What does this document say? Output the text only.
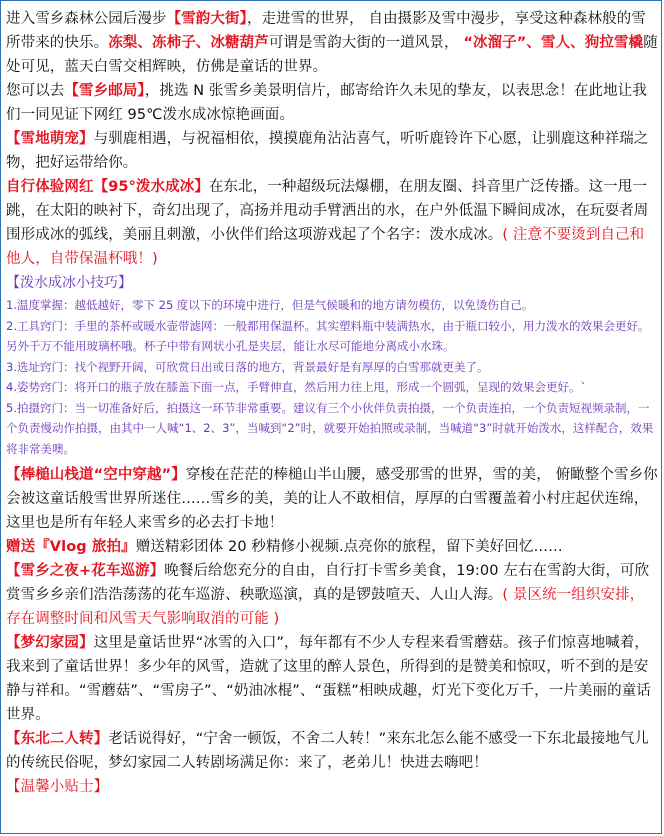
进入雪乡森林公园后漫步【雪韵大街】，走进雪的世界， 自由摄影及雪中漫步，享受这种森林般的雪所带来的快乐。冻梨、冻柿子、冰糖葫芦可谓是雪韵大街的一道风景， “冰溜子”、雪人、狗拉雪橇随处可见，蓝天白雪交相辉映，仿佛是童话的世界。

您可以去【雪乡邮局】，挑选 N 张雪乡美景明信片，邮寄给许久未见的挚友，以表思念！在此地让我们一同见证下网红 95℃泼水成冰惊艳画面。

【雪地萌宠】与驯鹿相遇，与祝福相依，摸摸鹿角沾沾喜气，听听鹿铃许下心愿，让驯鹿这种祥瑞之物，把好运带给你。

自行体验网红【95°泼水成冰】在东北，一种超级玩法爆棚，在朋友圈、抖音里广泛传播。这一甩一跳，在太阳的映衬下，奇幻出现了，高扬并甩动手臂洒出的水，在户外低温下瞬间成冰，在玩耍者周围形成冰的弧线，美丽且刺激，小伙伴们给这项游戏起了个名字：泼水成冰。( 注意不要烫到自己和他人，自带保温杯哦！)

【泼水成冰小技巧】

1.温度掌握：越低越好，零下 25 度以下的环境中进行，但是气候暖和的地方请勿模仿，以免烫伤自己。

2.工具窍门：手里的茶杯或暖水壶带滤网：一般都用保温杯。其实塑料瓶中装满热水，由于瓶口较小，用力泼水的效果会更好。 另外千万不能用玻璃杯哦。杯子中带有网状小孔是夹层，能让水尽可能地分离成小水珠。

3.选址窍门：找个视野开阔，可欣赏日出或日落的地方，背景最好是有厚厚的白雪那就更美了。

4.姿势窍门：将开口的瓶子放在膝盖下面一点，手臂伸直，然后用力往上甩，形成一个圆弧，呈现的效果会更好。`

5.拍摄窍门：当一切准备好后，拍摄这一环节非常重要。建议有三个小伙伴负责拍摄，一个负责连拍，一个负责短视频录制，一个负责慢动作拍摄，由其中一人喊“1、2、3”，当喊到“2”时，就要开始拍照或录制，当喊道“3”时就开始泼水，这样配合，效果将非常美噢。

【棒槌山栈道“空中穿越”】穿梭在茫茫的棒槌山半山腰，感受那雪的世界，雪的美， 俯瞰整个雪乡你会被这童话般雪世界所迷住……雪乡的美，美的让人不敢相信，厚厚的白雪覆盖着小村庄起伏连绵，这里也是所有年轻人来雪乡的必去打卡地！

赠送『Vlog 旅拍』赠送精彩团体 20 秒精修小视频.点亮你的旅程，留下美好回忆……

【雪乡之夜+花车巡游】晚餐后给您充分的自由，自行打卡雪乡美食，19:00 左右在雪韵大街，可欣赏雪乡乡亲们浩浩荡荡的花车巡游、秧歌巡演，真的是锣鼓喧天、人山人海。( 景区统一组织安排，存在调整时间和风雪天气影响取消的可能 )

【梦幻家园】这里是童话世界“冰雪的入口”，每年都有不少人专程来看雪蘑菇。孩子们惊喜地喊着，我来到了童话世界！多少年的风雪，造就了这里的醉人景色，所得到的是赞美和惊叹，听不到的是安静与祥和。“雪蘑菇”、“雪房子”、“奶油冰棍”、“蛋糕”相映成趣，灯光下变化万千，一片美丽的童话世界。

【东北二人转】老话说得好，“宁舍一顿饭，不舍二人转！”来东北怎么能不感受一下东北最接地气儿的传统民俗呢，梦幻家园二人转剧场满足你：来了，老弟儿！快进去嗨吧！

【温馨小贴士】
